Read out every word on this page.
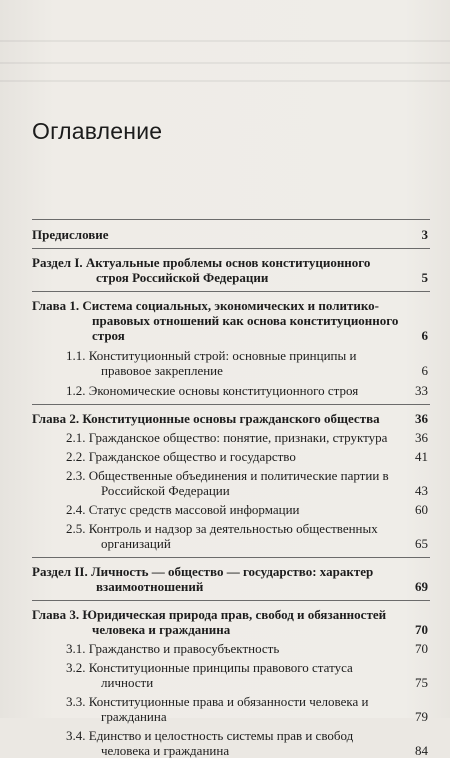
Оглавление
Предисловие	3
Раздел I. Актуальные проблемы основ конституционного строя Российской Федерации	5
Глава 1. Система социальных, экономических и политико-правовых отношений как основа конституционного строя	6
1.1. Конституционный строй: основные принципы и правовое закрепление	6
1.2. Экономические основы конституционного строя	33
Глава 2. Конституционные основы гражданского общества	36
2.1. Гражданское общество: понятие, признаки, структура	36
2.2. Гражданское общество и государство	41
2.3. Общественные объединения и политические партии в Российской Федерации	43
2.4. Статус средств массовой информации	60
2.5. Контроль и надзор за деятельностью общественных организаций	65
Раздел II. Личность — общество — государство: характер взаимоотношений	69
Глава 3. Юридическая природа прав, свобод и обязанностей человека и гражданина	70
3.1. Гражданство и правосубъектность	70
3.2. Конституционные принципы правового статуса личности	75
3.3. Конституционные права и обязанности человека и гражданина	79
3.4. Единство и целостность системы прав и свобод человека и гражданина	84
